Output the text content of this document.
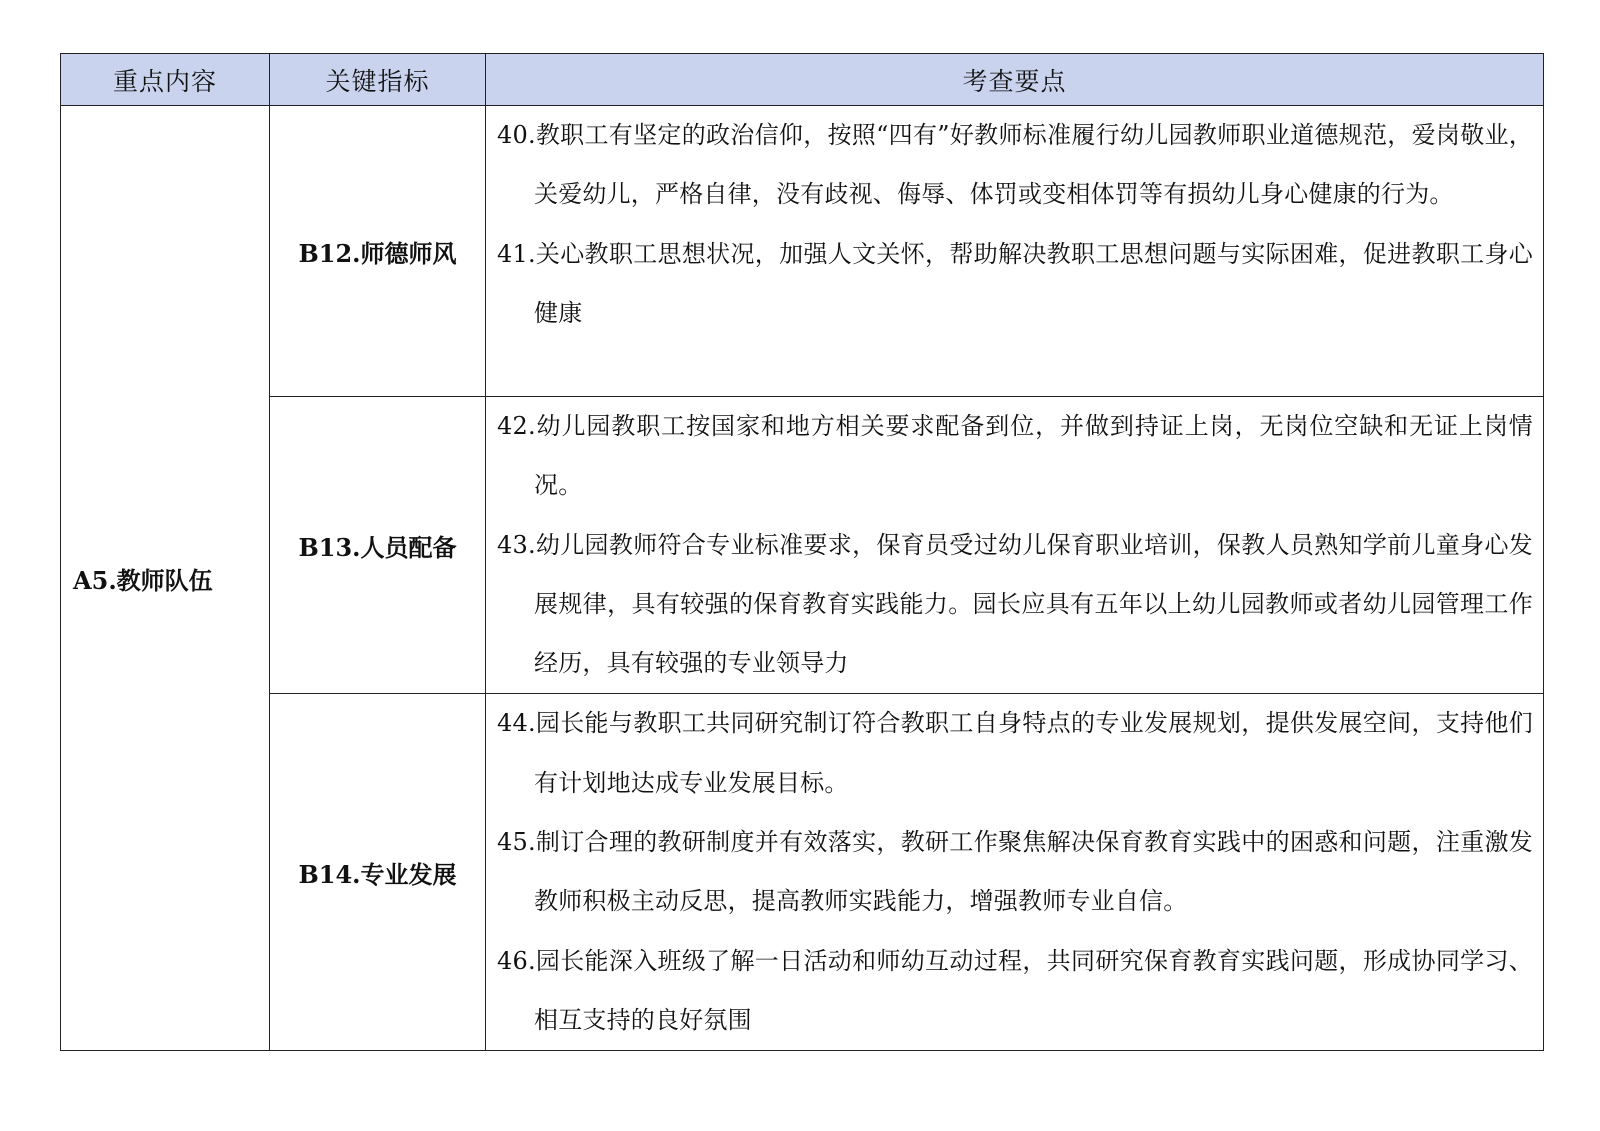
重点内容	关键指标	考查要点
A5.教师队伍	B12.师德师风	40.教职工有坚定的政治信仰，按照“四有”好教师标准履行幼儿园教师职业道德规范，爱岗敬业，关爱幼儿，严格自律，没有歧视、侮辱、体罚或变相体罚等有损幼儿身心健康的行为。
41.关心教职工思想状况，加强人文关怀，帮助解决教职工思想问题与实际困难，促进教职工身心健康

	B13.人员配备	42.幼儿园教职工按国家和地方相关要求配备到位，并做到持证上岗，无岗位空缺和无证上岗情况。
43.幼儿园教师符合专业标准要求，保育员受过幼儿保育职业培训，保教人员熟知学前儿童身心发展规律，具有较强的保育教育实践能力。园长应具有五年以上幼儿园教师或者幼儿园管理工作经历，具有较强的专业领导力

	B14.专业发展	44.园长能与教职工共同研究制订符合教职工自身特点的专业发展规划，提供发展空间，支持他们有计划地达成专业发展目标。
45.制订合理的教研制度并有效落实，教研工作聚焦解决保育教育实践中的困惑和问题，注重激发教师积极主动反思，提高教师实践能力，增强教师专业自信。
46.园长能深入班级了解一日活动和师幼互动过程，共同研究保育教育实践问题，形成协同学习、相互支持的良好氛围
